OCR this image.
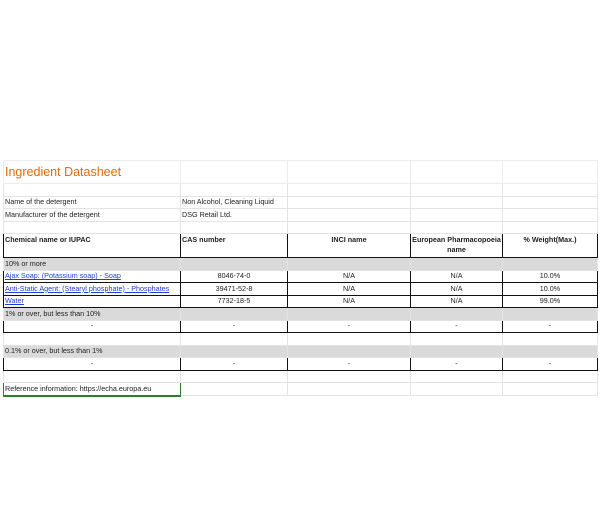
Ingredient Datasheet				

Name of the detergent	Non Alcohol, Cleaning Liquid			
Manufacturer of the detergent	DSG Retail Ltd.			

Chemical name or IUPAC	CAS number	INCI name	European Pharmacopoeia name	% Weight(Max.)
10% or more				
Ajax Soap: (Potassium soap) - Soap	8046-74-0	N/A	N/A	10.0%
Anti-Static Agent: (Stearyl phosphate) - Phosphates	39471-52-8	N/A	N/A	10.0%
Water	7732-18-5	N/A	N/A	99.0%
1% or over, but less than 10%				
-	-	-	-	-

0.1% or over, but less than 1%				
-	-	-	-	-

Reference information: https://echa.europa.eu				
